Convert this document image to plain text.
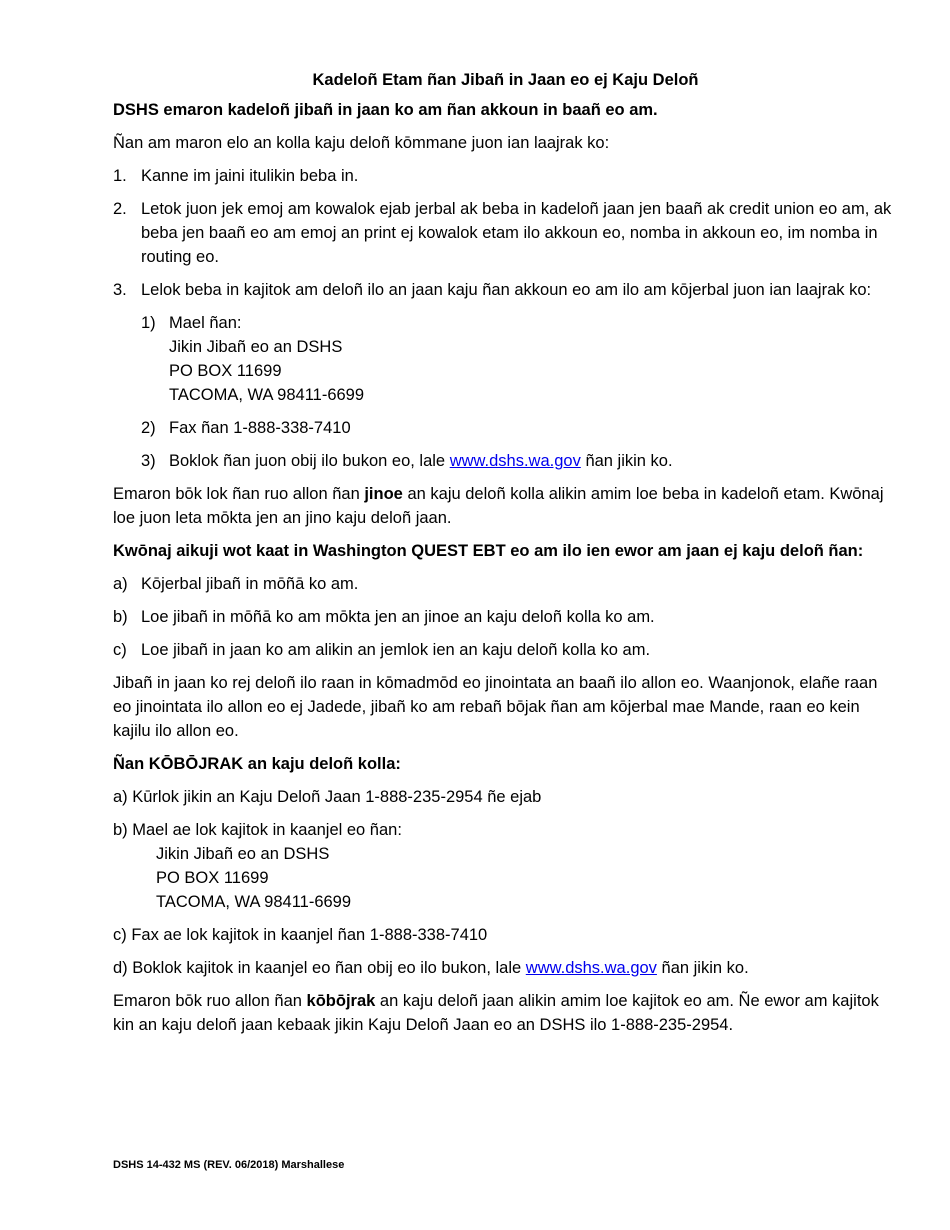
Kadeloñ Etam ñan Jibañ in Jaan eo ej Kaju Deloñ

DSHS emaron kadeloñ jibañ in jaan ko am ñan akkoun in baañ eo am.

Ñan am maron elo an kolla kaju deloñ kōmmane juon ian laajrak ko:

1. Kanne im jaini itulikin beba in.
2. Letok juon jek emoj am kowalok ejab jerbal ak beba in kadeloñ jaan jen baañ ak credit union eo am, ak beba jen baañ eo am emoj an print ej kowalok etam ilo akkoun eo, nomba in akkoun eo, im nomba in routing eo.
3. Lelok beba in kajitok am deloñ ilo an jaan kaju ñan akkoun eo am ilo am kōjerbal juon ian laajrak ko:
1) Mael ñan:
Jikin Jibañ eo an DSHS
PO BOX 11699
TACOMA, WA 98411-6699
2) Fax ñan 1-888-338-7410
3) Boklok ñan juon obij ilo bukon eo, lale www.dshs.wa.gov ñan jikin ko.

Emaron bōk lok ñan ruo allon ñan jinoe an kaju deloñ kolla alikin amim loe beba in kadeloñ etam. Kwōnaj loe juon leta mōkta jen an jino kaju deloñ jaan.

Kwōnaj aikuji wot kaat in Washington QUEST EBT eo am ilo ien ewor am jaan ej kaju deloñ ñan:

a) Kōjerbal jibañ in mōñā ko am.
b) Loe jibañ in mōñā ko am mōkta jen an jinoe an kaju deloñ kolla ko am.
c) Loe jibañ in jaan ko am alikin an jemlok ien an kaju deloñ kolla ko am.

Jibañ in jaan ko rej deloñ ilo raan in kōmadmōd eo jinointata an baañ ilo allon eo. Waanjonok, elañe raan eo jinointata ilo allon eo ej Jadede, jibañ ko am rebañ bōjak ñan am kōjerbal mae Mande, raan eo kein kajilu ilo allon eo.

Ñan KŌBŌJRAK an kaju deloñ kolla:

a) Kūrlok jikin an Kaju Deloñ Jaan 1-888-235-2954 ñe ejab
b) Mael ae lok kajitok in kaanjel eo ñan:
Jikin Jibañ eo an DSHS
PO BOX 11699
TACOMA, WA 98411-6699
c) Fax ae lok kajitok in kaanjel ñan 1-888-338-7410
d) Boklok kajitok in kaanjel eo ñan obij eo ilo bukon, lale www.dshs.wa.gov ñan jikin ko.

Emaron bōk ruo allon ñan kōbōjrak an kaju deloñ jaan alikin amim loe kajitok eo am. Ñe ewor am kajitok kin an kaju deloñ jaan kebaak jikin Kaju Deloñ Jaan eo an DSHS ilo 1-888-235-2954.

DSHS 14-432 MS (REV. 06/2018) Marshallese
